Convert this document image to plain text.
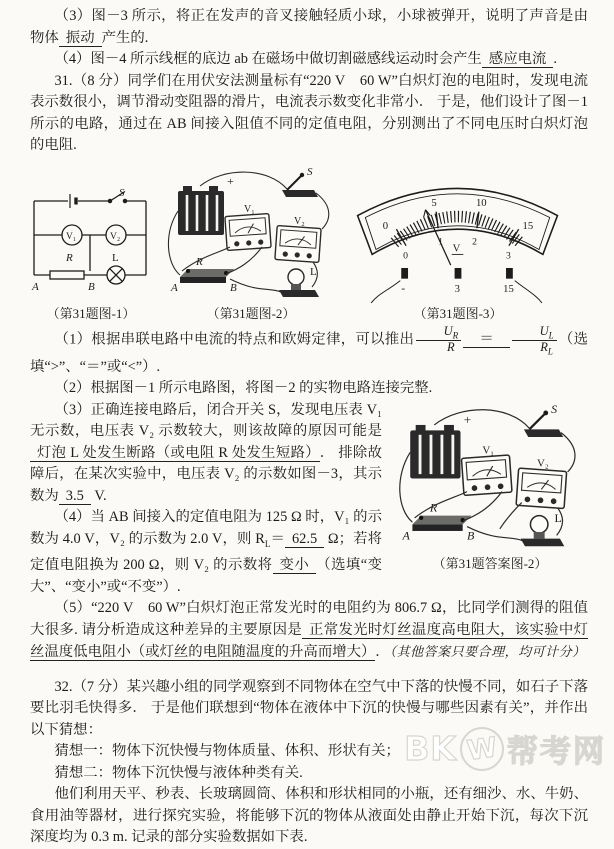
（3）图－3 所示，将正在发声的音叉接触轻质小球，小球被弹开，说明了声音是由物体 振动 产生的.

（4）图－4 所示线框的底边 ab 在磁场中做切割磁感线运动时会产生 感应电流 .

31.（8 分）同学们在用伏安法测量标有“220 V　60 W”白炽灯泡的电阻时，发现电流表示数很小，调节滑动变阻器的滑片，电流表示数变化非常小． 于是，他们设计了图－1 所示的电路，通过在 AB 间接入阻值不同的定值电阻，分别测出了不同电压时白炽灯泡的电阻.

S
V₁	V₂
R	L
A	B
（第31题图-1）
+
S
V₁
V₂
R
A	B
L
（第31题图-2）
0
5	10
15
0
1	2
3
V
-	3	15
（第31题图-3）

（1）根据串联电路中电流的特点和欧姆定律，可以推出 $\frac{U_R}{R} = \frac{U_L}{R_L}$ （选填“>”、“＝”或“<”）.

（2）根据图－1 所示电路图，将图－2 的实物电路连接完整.

+
S
V₁
V₂
R
A	B
L
（第31题答案图-2）

（3）正确连接电路后，闭合开关 S，发现电压表 V₁ 无示数，电压表 V₂ 示数较大，则该故障的原因可能是灯泡 L 处发生断路（或电阻 R 处发生短路） ． 排除故障后，在某次实验中，电压表 V₂ 的示数如图－3，其示数为 3.5 V.

（4）当 AB 间接入的定值电阻为 125 Ω 时，V₁ 的示数为 4.0 V，V₂ 的示数为 2.0 V，则 $R_L= 62.5$ Ω；若将定值电阻换为 200 Ω，则 V₂ 的示数将 变小 （选填“变大”、“变小”或“不变”）.

（5）“220 V　60 W”白炽灯泡正常发光时的电阻约为 806.7 Ω，比同学们测得的阻值大很多. 请分析造成这种差异的主要原因是 正常发光时灯丝温度高电阻大，该实验中灯丝温度低电阻小（或灯丝的电阻随温度的升高而增大） ．（其他答案只要合理，均可计分）

32.（7 分）某兴趣小组的同学观察到不同物体在空气中下落的快慢不同，如石子下落要比羽毛快得多． 于是他们联想到“物体在液体中下沉的快慢与哪些因素有关”，并作出以下猜想：

猜想一：物体下沉快慢与物体质量、体积、形状有关；

猜想二：物体下沉快慢与液体种类有关.

他们利用天平、秒表、长玻璃圆筒、体积和形状相同的小瓶，还有细沙、水、牛奶、食用油等器材，进行探究实验，将能够下沉的物体从液面处由静止开始下沉，每次下沉深度均为 0.3 m. 记录的部分实验数据如下表.

BK W 帮考网
